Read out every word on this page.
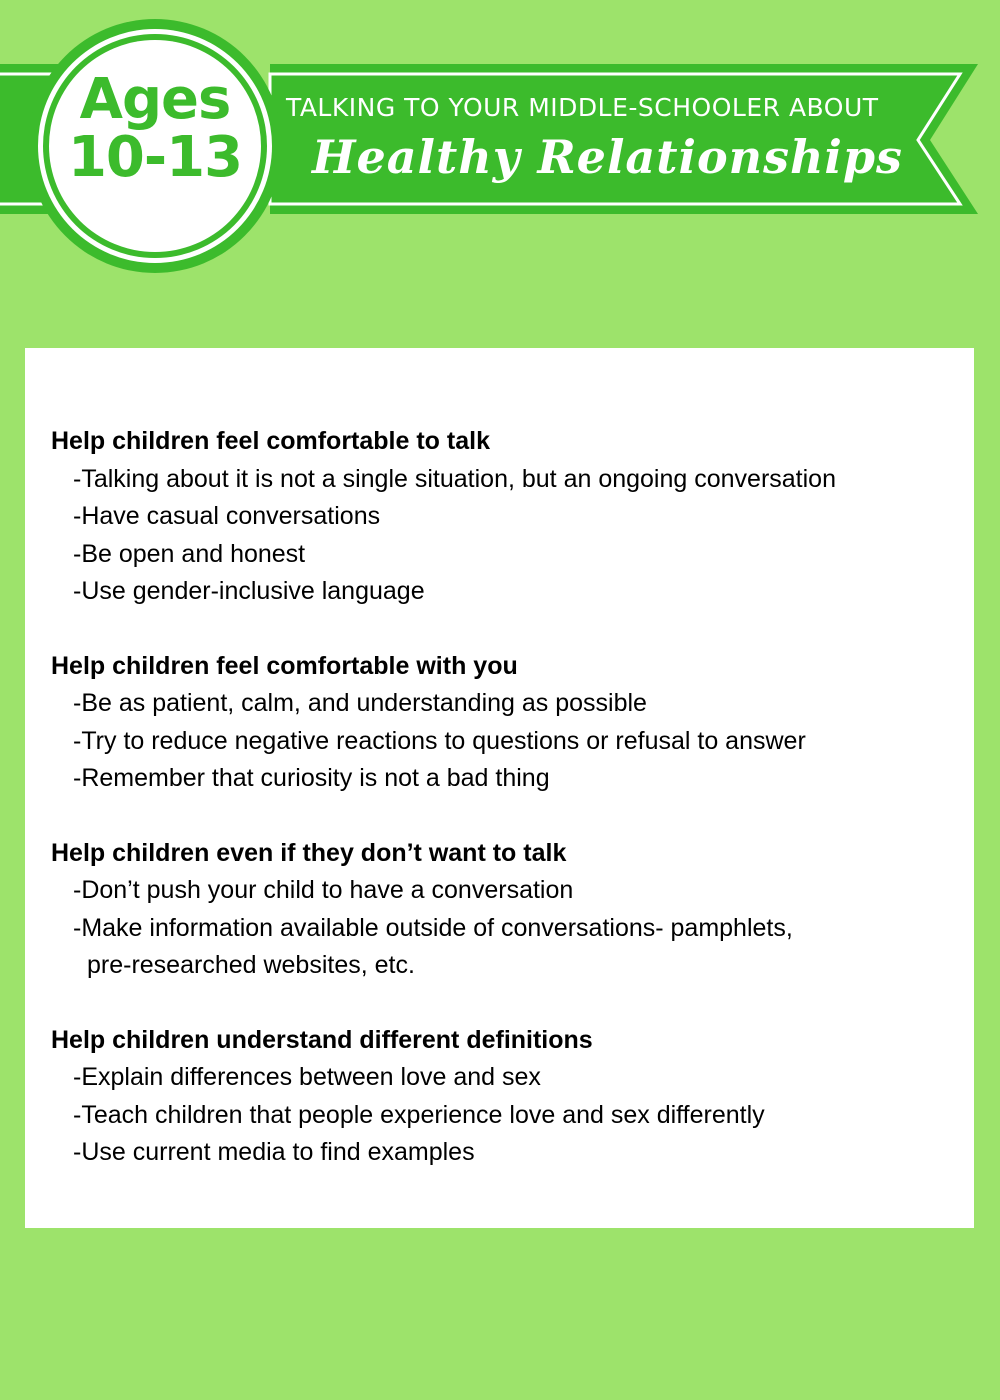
Ages
10-13
TALKING TO YOUR MIDDLE-SCHOOLER ABOUT
Healthy Relationships

Help children feel comfortable to talk

-Talking about it is not a single situation, but an ongoing conversation

-Have casual conversations

-Be open and honest

-Use gender-inclusive language

Help children feel comfortable with you

-Be as patient, calm, and understanding as possible

-Try to reduce negative reactions to questions or refusal to answer

-Remember that curiosity is not a bad thing

Help children even if they don’t want to talk

-Don’t push your child to have a conversation

-Make information available outside of conversations- pamphlets,
pre-researched websites, etc.

Help children understand different definitions

-Explain differences between love and sex

-Teach children that people experience love and sex differently

-Use current media to find examples
